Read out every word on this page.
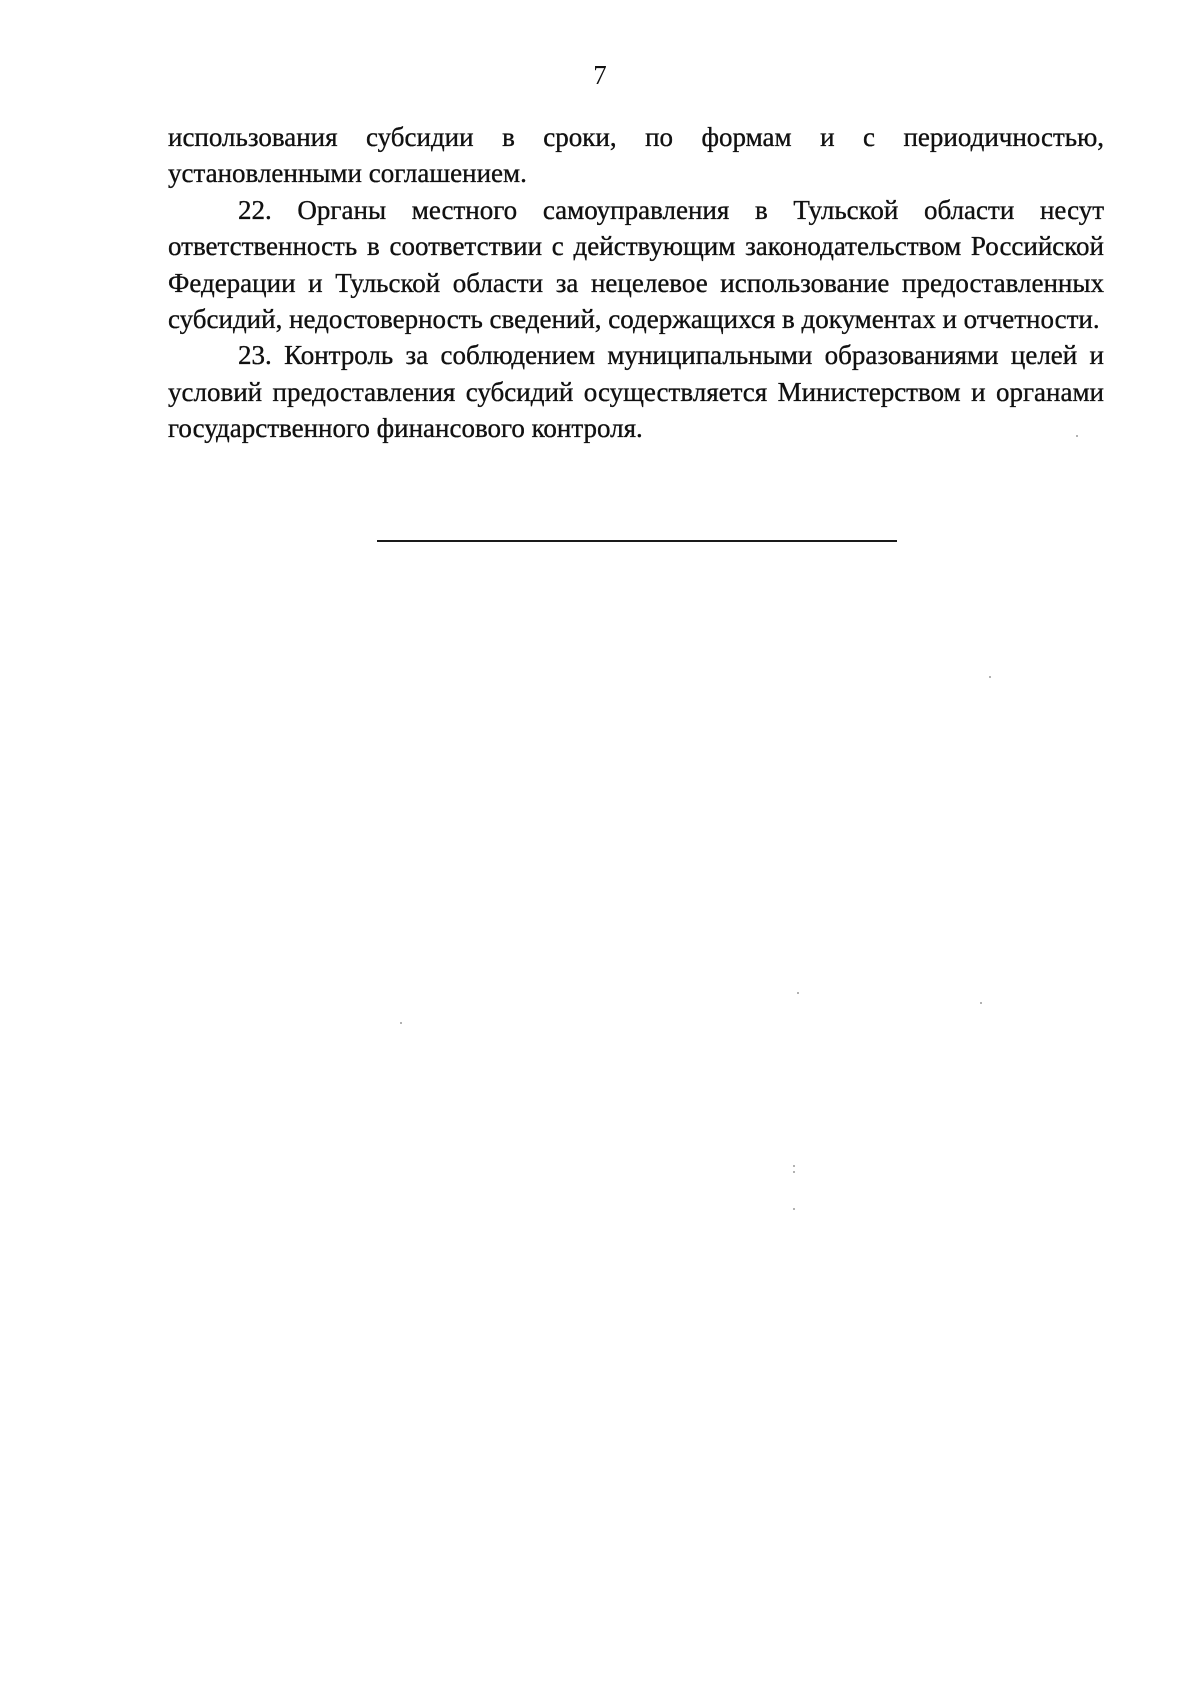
7

использования субсидии в сроки, по формам и с периодичностью, установленными соглашением.

22. Органы местного самоуправления в Тульской области несут ответственность в соответствии с действующим законодательством Российской Федерации и Тульской области за нецелевое использование предоставленных субсидий, недостоверность сведений, содержащихся в документах и отчетности.

23. Контроль за соблюдением муниципальными образованиями целей и условий предоставления субсидий осуществляется Министерством и органами государственного финансового контроля.
